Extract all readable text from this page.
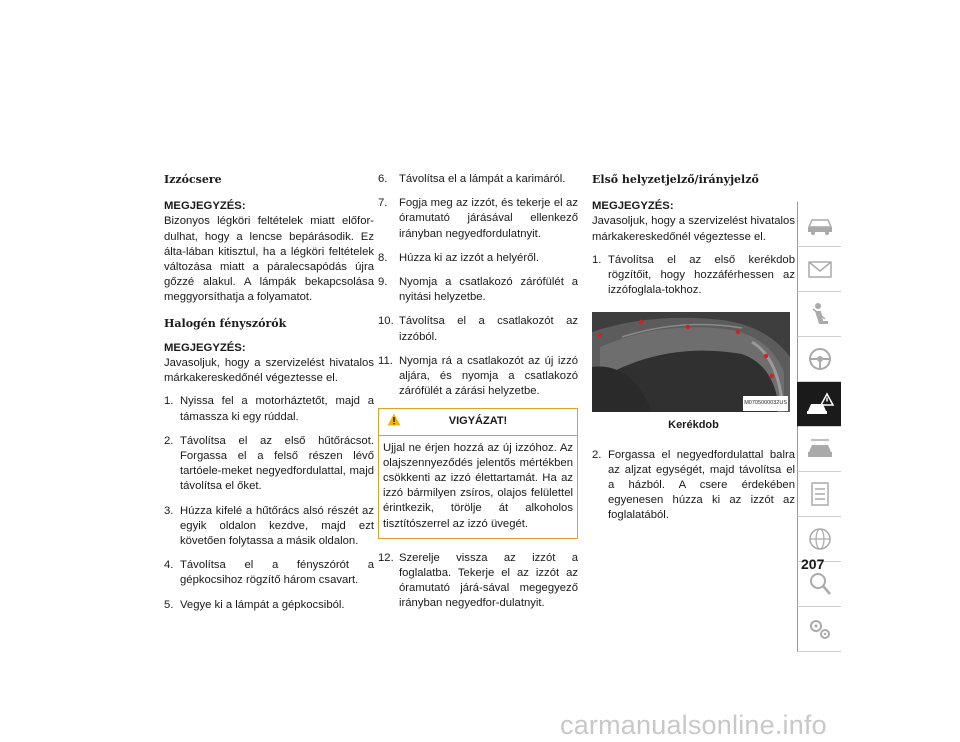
Izzócsere
MEGJEGYZÉS:
Bizonyos légköri feltételek miatt előfor-dulhat, hogy a lencse bepárásodik. Ez álta-lában kitisztul, ha a légköri feltételek változása miatt a páralecsapódás újra gőzzé alakul. A lámpák bekapcsolása meggyorsíthatja a folyamatot.
Halogén fényszórók
MEGJEGYZÉS:
Javasoljuk, hogy a szervizelést hivatalos márkakereskedőnél végeztesse el.
1. Nyissa fel a motorháztetőt, majd a támassza ki egy rúddal.
2. Távolítsa el az első hűtőrácsot. Forgassa el a felső részen lévő tartóele-meket negyedfordulattal, majd távolítsa el őket.
3. Húzza kifelé a hűtőrács alsó részét az egyik oldalon kezdve, majd ezt követően folytassa a másik oldalon.
4. Távolítsa el a fényszórót a gépkocsihoz rögzítő három csavart.
5. Vegye ki a lámpát a gépkocsiból.
6.	Távolítsa el a lámpát a karimáról.
7.	Fogja meg az izzót, és tekerje el az óramutató járásával ellenkező irányban negyedfordulatnyit.
8.	Húzza ki az izzót a helyéről.
9.	Nyomja a csatlakozó zárófülét a nyitási helyzetbe.
10. Távolítsa el a csatlakozót az izzóból.
11. Nyomja rá a csatlakozót az új izzó aljára, és nyomja a csatlakozó zárófülét a zárási helyzetbe.
VIGYÁZAT!
Ujjal ne érjen hozzá az új izzóhoz. Az olajszennyeződés jelentős mértékben csökkenti az izzó élettartamát. Ha az izzó bármilyen zsíros, olajos felülettel érintkezik, törölje át alkoholos tisztítószerrel az izzó üvegét.
12. Szerelje vissza az izzót a foglalatba. Tekerje el az izzót az óramutató járá-sával megegyező irányban negyedfor-dulatnyit.
Első helyzetjelző/irányjelző
MEGJEGYZÉS:
Javasoljuk, hogy a szervizelést hivatalos márkakereskedőnél végeztesse el.
1. Távolítsa el az első kerékdob rögzítőit, hogy hozzáférhessen az izzófoglala-tokhoz.
M0705000032US
Kerékdob
2. Forgassa el negyedfordulattal balra az aljzat egységét, majd távolítsa el a házból. A csere érdekében egyenesen húzza ki az izzót az foglalatából.
207
carmanualsonline.info
